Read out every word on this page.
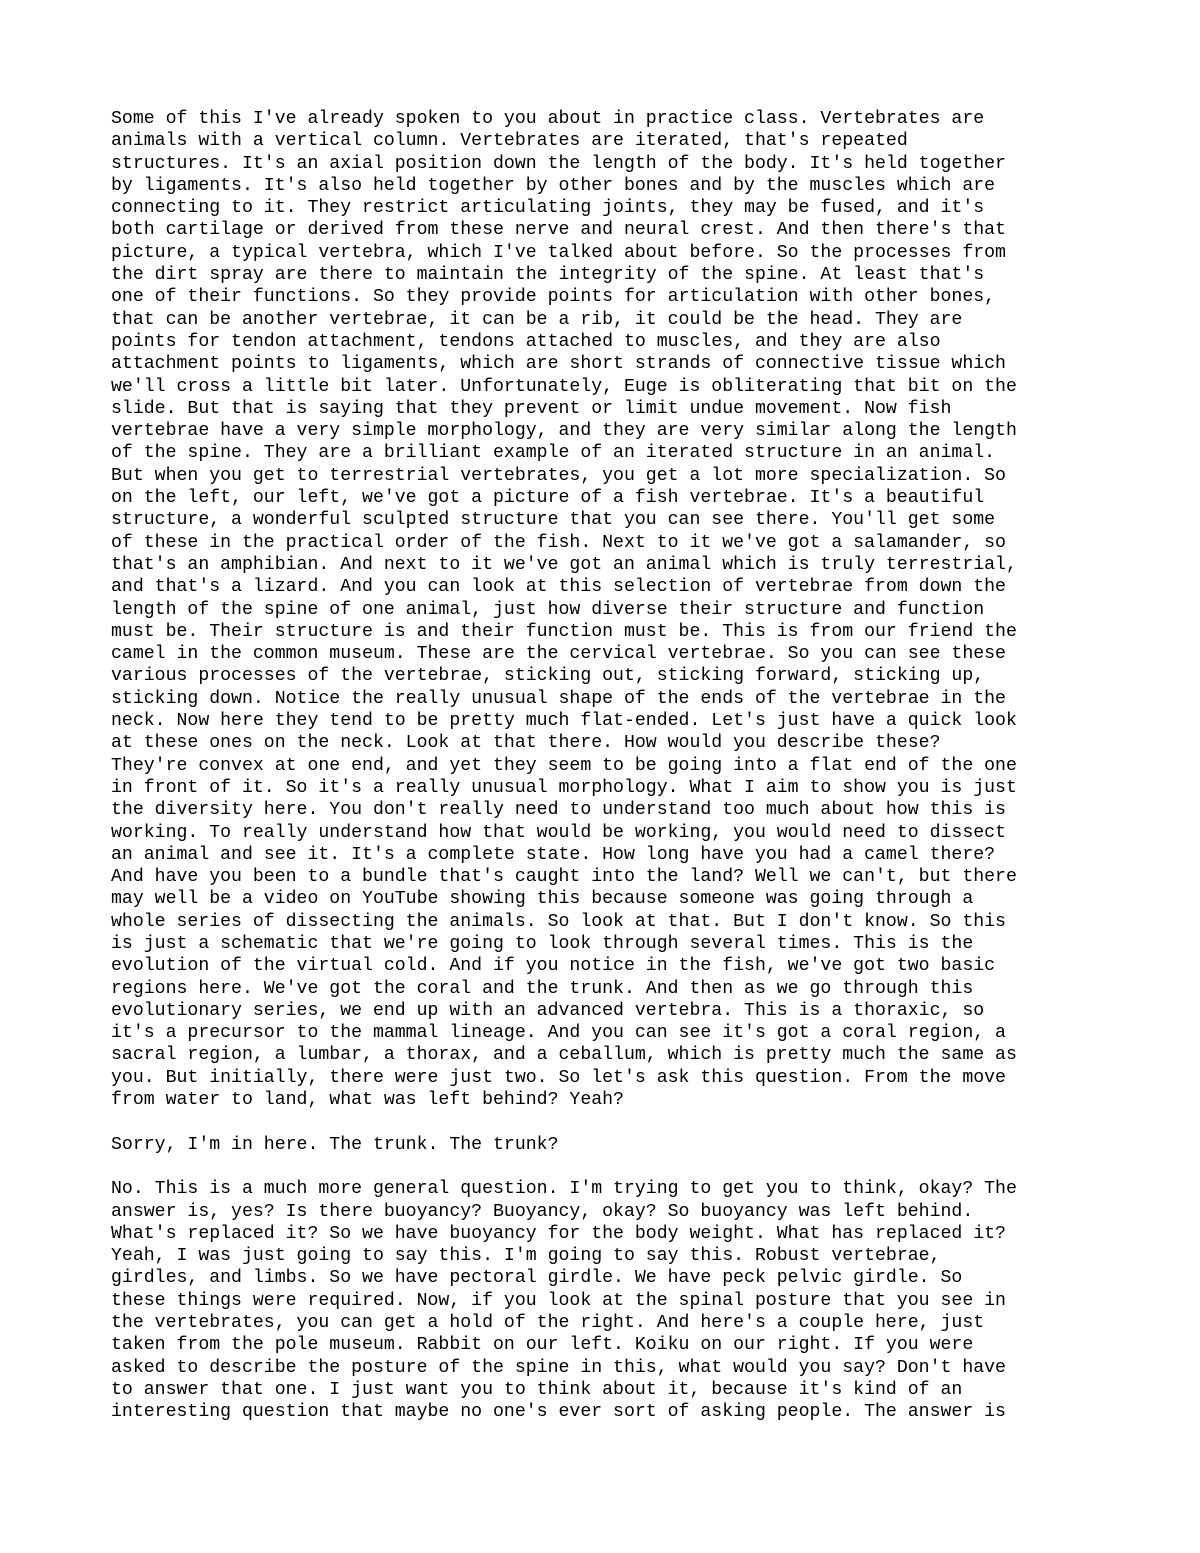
Some of this I've already spoken to you about in practice class. Vertebrates are
animals with a vertical column. Vertebrates are iterated, that's repeated
structures. It's an axial position down the length of the body. It's held together
by ligaments. It's also held together by other bones and by the muscles which are
connecting to it. They restrict articulating joints, they may be fused, and it's
both cartilage or derived from these nerve and neural crest. And then there's that
picture, a typical vertebra, which I've talked about before. So the processes from
the dirt spray are there to maintain the integrity of the spine. At least that's
one of their functions. So they provide points for articulation with other bones,
that can be another vertebrae, it can be a rib, it could be the head. They are
points for tendon attachment, tendons attached to muscles, and they are also
attachment points to ligaments, which are short strands of connective tissue which
we'll cross a little bit later. Unfortunately, Euge is obliterating that bit on the
slide. But that is saying that they prevent or limit undue movement. Now fish
vertebrae have a very simple morphology, and they are very similar along the length
of the spine. They are a brilliant example of an iterated structure in an animal.
But when you get to terrestrial vertebrates, you get a lot more specialization. So
on the left, our left, we've got a picture of a fish vertebrae. It's a beautiful
structure, a wonderful sculpted structure that you can see there. You'll get some
of these in the practical order of the fish. Next to it we've got a salamander, so
that's an amphibian. And next to it we've got an animal which is truly terrestrial,
and that's a lizard. And you can look at this selection of vertebrae from down the
length of the spine of one animal, just how diverse their structure and function
must be. Their structure is and their function must be. This is from our friend the
camel in the common museum. These are the cervical vertebrae. So you can see these
various processes of the vertebrae, sticking out, sticking forward, sticking up,
sticking down. Notice the really unusual shape of the ends of the vertebrae in the
neck. Now here they tend to be pretty much flat-ended. Let's just have a quick look
at these ones on the neck. Look at that there. How would you describe these?
They're convex at one end, and yet they seem to be going into a flat end of the one
in front of it. So it's a really unusual morphology. What I aim to show you is just
the diversity here. You don't really need to understand too much about how this is
working. To really understand how that would be working, you would need to dissect
an animal and see it. It's a complete state. How long have you had a camel there?
And have you been to a bundle that's caught into the land? Well we can't, but there
may well be a video on YouTube showing this because someone was going through a
whole series of dissecting the animals. So look at that. But I don't know. So this
is just a schematic that we're going to look through several times. This is the
evolution of the virtual cold. And if you notice in the fish, we've got two basic
regions here. We've got the coral and the trunk. And then as we go through this
evolutionary series, we end up with an advanced vertebra. This is a thoraxic, so
it's a precursor to the mammal lineage. And you can see it's got a coral region, a
sacral region, a lumbar, a thorax, and a ceballum, which is pretty much the same as
you. But initially, there were just two. So let's ask this question. From the move
from water to land, what was left behind? Yeah?
Sorry, I'm in here. The trunk. The trunk?
No. This is a much more general question. I'm trying to get you to think, okay? The
answer is, yes? Is there buoyancy? Buoyancy, okay? So buoyancy was left behind.
What's replaced it? So we have buoyancy for the body weight. What has replaced it?
Yeah, I was just going to say this. I'm going to say this. Robust vertebrae,
girdles, and limbs. So we have pectoral girdle. We have peck pelvic girdle. So
these things were required. Now, if you look at the spinal posture that you see in
the vertebrates, you can get a hold of the right. And here's a couple here, just
taken from the pole museum. Rabbit on our left. Koiku on our right. If you were
asked to describe the posture of the spine in this, what would you say? Don't have
to answer that one. I just want you to think about it, because it's kind of an
interesting question that maybe no one's ever sort of asking people. The answer is
